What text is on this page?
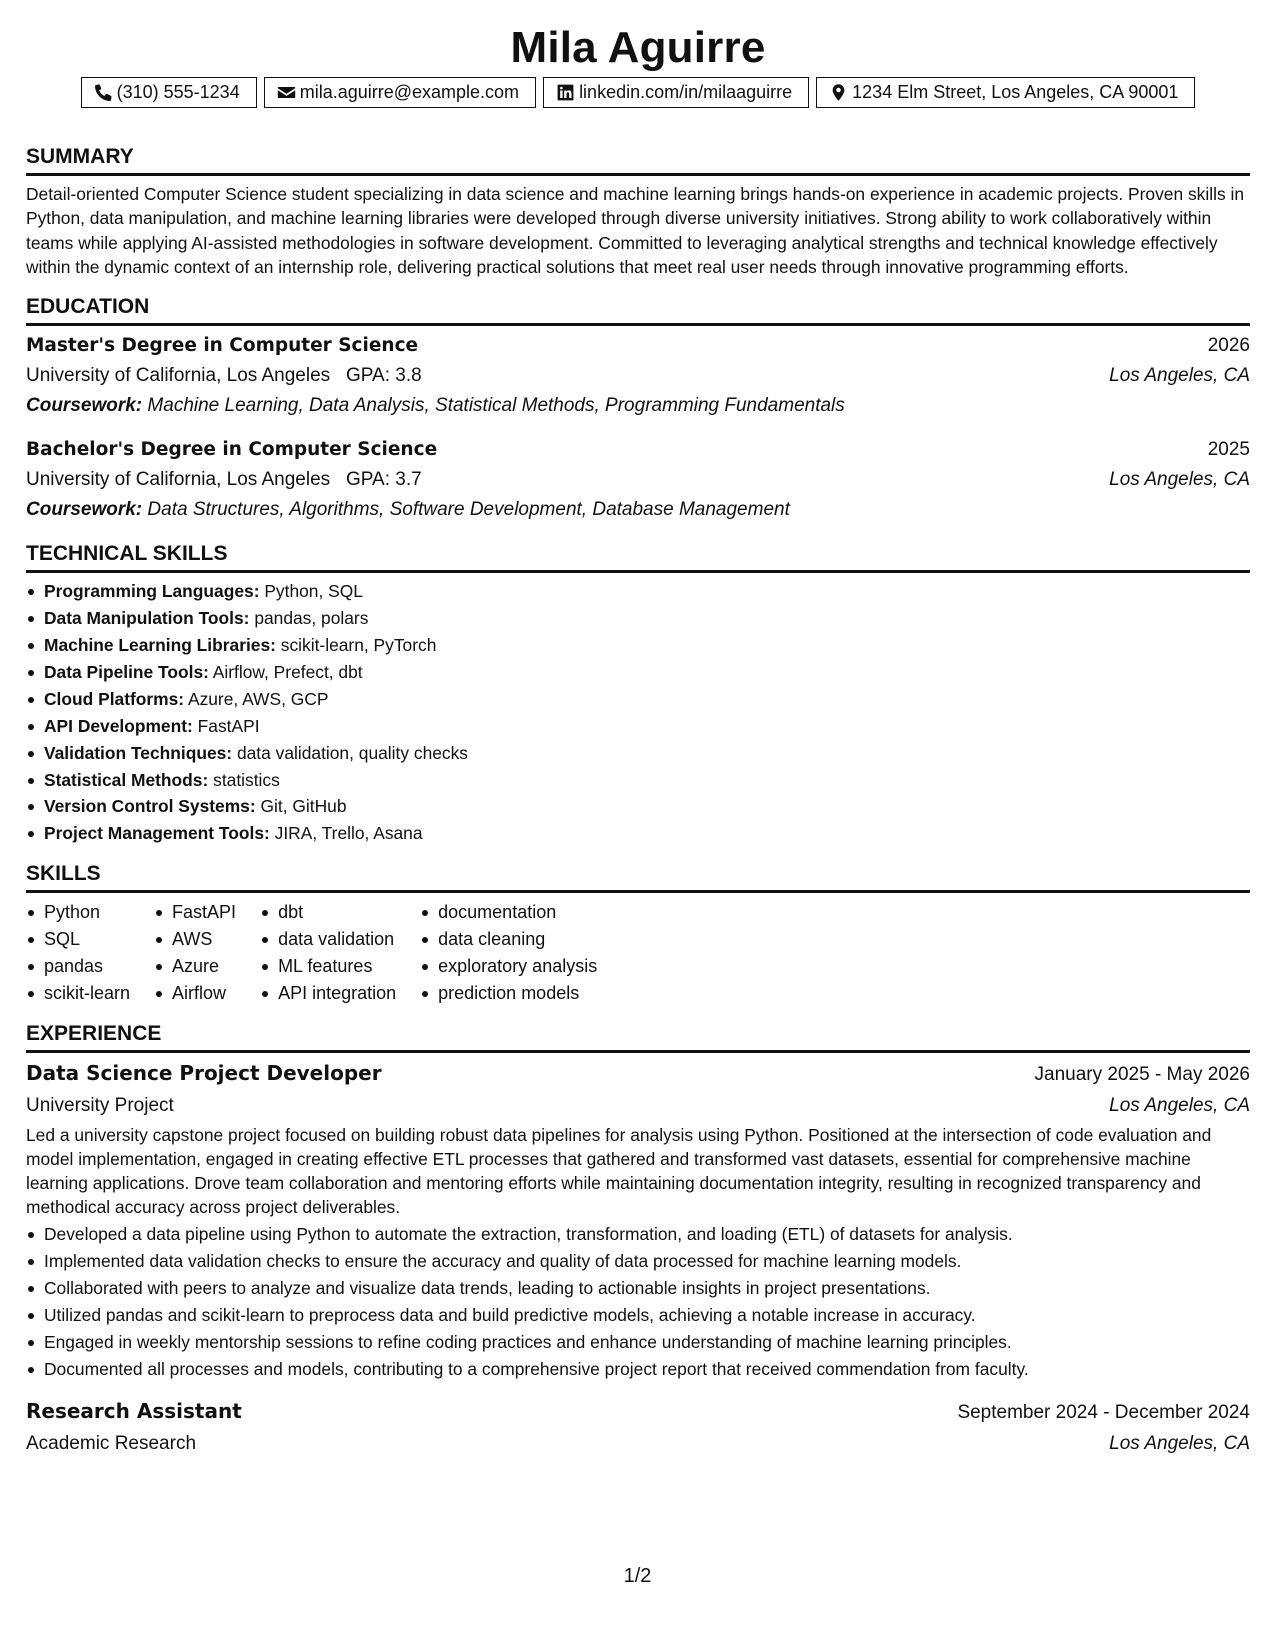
Mila Aguirre
(310) 555-1234	mila.aguirre@example.com	linkedin.com/in/milaaguirre	1234 Elm Street, Los Angeles, CA 90001
SUMMARY

Detail-oriented Computer Science student specializing in data science and machine learning brings hands-on experience in academic projects. Proven skills in Python, data manipulation, and machine learning libraries were developed through diverse university initiatives. Strong ability to work collaboratively within teams while applying AI-assisted methodologies in software development. Committed to leveraging analytical strengths and technical knowledge effectively within the dynamic context of an internship role, delivering practical solutions that meet real user needs through innovative programming efforts.

EDUCATION
Master's Degree in Computer Science	2026
University of California, Los Angeles GPA: 3.8	Los Angeles, CA
Coursework: Machine Learning, Data Analysis, Statistical Methods, Programming Fundamentals
Bachelor's Degree in Computer Science	2025
University of California, Los Angeles GPA: 3.7	Los Angeles, CA
Coursework: Data Structures, Algorithms, Software Development, Database Management
TECHNICAL SKILLS
Programming Languages: Python, SQL
Data Manipulation Tools: pandas, polars
Machine Learning Libraries: scikit-learn, PyTorch
Data Pipeline Tools: Airflow, Prefect, dbt
Cloud Platforms: Azure, AWS, GCP
API Development: FastAPI
Validation Techniques: data validation, quality checks
Statistical Methods: statistics
Version Control Systems: Git, GitHub
Project Management Tools: JIRA, Trello, Asana
SKILLS
Python
SQL
pandas
scikit-learn
FastAPI
AWS
Azure
Airflow
dbt
data validation
ML features
API integration
documentation
data cleaning
exploratory analysis
prediction models
EXPERIENCE
Data Science Project Developer	January 2025 - May 2026
University Project	Los Angeles, CA

Led a university capstone project focused on building robust data pipelines for analysis using Python. Positioned at the intersection of code evaluation and model implementation, engaged in creating effective ETL processes that gathered and transformed vast datasets, essential for comprehensive machine learning applications. Drove team collaboration and mentoring efforts while maintaining documentation integrity, resulting in recognized transparency and methodical accuracy across project deliverables.

Developed a data pipeline using Python to automate the extraction, transformation, and loading (ETL) of datasets for analysis.
Implemented data validation checks to ensure the accuracy and quality of data processed for machine learning models.
Collaborated with peers to analyze and visualize data trends, leading to actionable insights in project presentations.
Utilized pandas and scikit-learn to preprocess data and build predictive models, achieving a notable increase in accuracy.
Engaged in weekly mentorship sessions to refine coding practices and enhance understanding of machine learning principles.
Documented all processes and models, contributing to a comprehensive project report that received commendation from faculty.
Research Assistant	September 2024 - December 2024
Academic Research	Los Angeles, CA
1/2
